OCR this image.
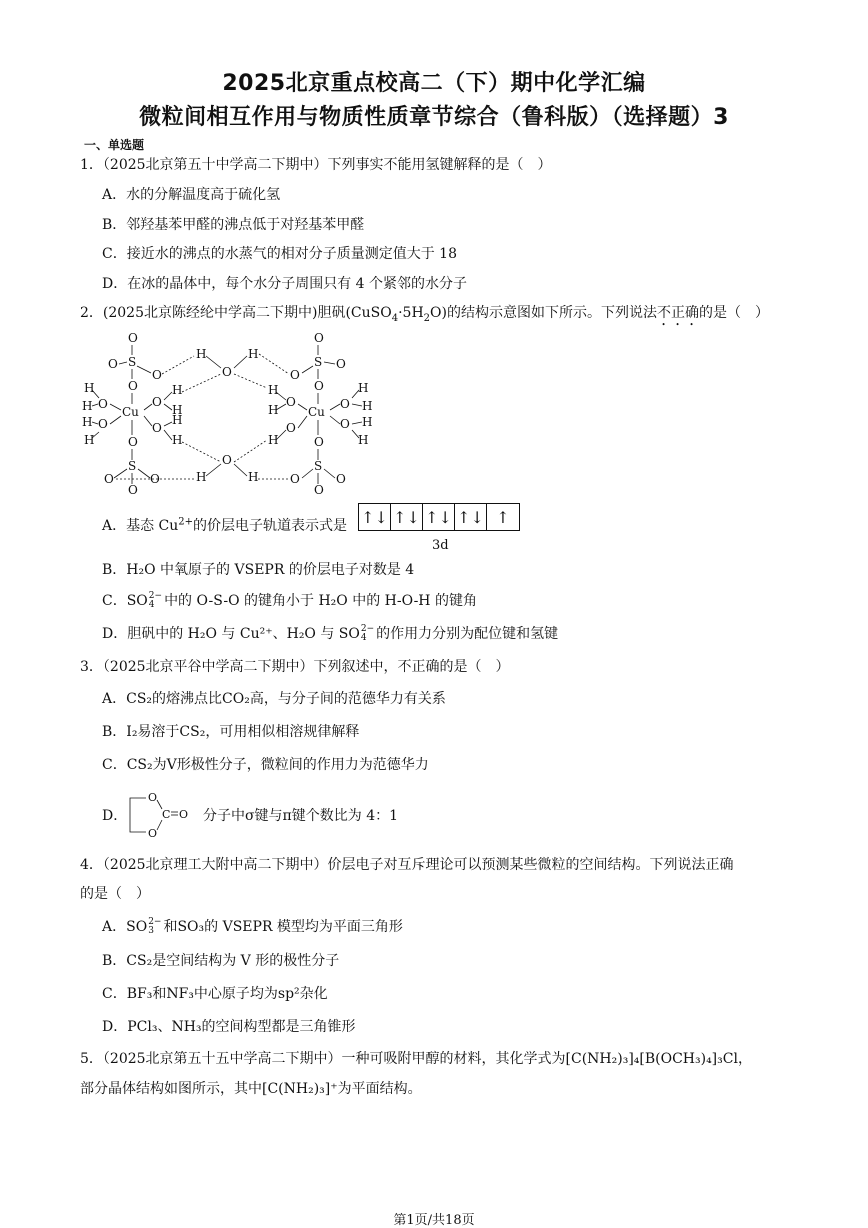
2025北京重点校高二（下）期中化学汇编
微粒间相互作用与物质性质章节综合（鲁科版）（选择题）3
一、单选题
1．（2025北京第五十中学高二下期中）下列事实不能用氢键解释的是（　）
A．水的分解温度高于硫化氢
B．邻羟基苯甲醛的沸点低于对羟基苯甲醛
C．接近水的沸点的水蒸气的相对分子质量测定值大于 18
D．在冰的晶体中，每个水分子周围只有 4 个紧邻的水分子
2．(2025北京陈经纶中学高二下期中)胆矾$(CuSO_4\cdot 5H_2O)$的结构示意图如下所示。下列说法不正确的是（　）
O
S
O
O
O
Cu
H
O
H
H O
H
O
H
H
O
H
H
O
S
O	O
O
H
O
H
H
O
H
O
S
O
O
O
Cu
H
O
H
H
O
H
O H
H
O
H
O
S
O	O
O
A．基态 $Cu^{2+}$的价层电子轨道表示式是 ↑↓ ↑↓ ↑↓ ↑↓ ↑
3d
B．H₂O 中氧原子的 VSEPR 的价层电子对数是 4
C．SO 2−
4 中的 O-S-O 的键角小于 H₂O 中的 H-O-H 的键角
D．胆矾中的 H₂O 与 Cu²⁺、H₂O 与 SO 2−
4 的作用力分别为配位键和氢键
3．（2025北京平谷中学高二下期中）下列叙述中，不正确的是（　）
A．CS₂的熔沸点比CO₂高，与分子间的范德华力有关系
B．I₂易溶于CS₂，可用相似相溶规律解释
C．CS₂为V形极性分子，微粒间的作用力为范德华力
D．
O
C O
O
分子中σ键与π键个数比为 4：1
4．（2025北京理工大附中高二下期中）价层电子对互斥理论可以预测某些微粒的空间结构。下列说法正确
的是（　）
A．SO 2−
3 和SO₃的 VSEPR 模型均为平面三角形
B．CS₂是空间结构为 V 形的极性分子
C．BF₃和NF₃中心原子均为sp²杂化
D．PCl₃、NH₃的空间构型都是三角锥形
5．（2025北京第五十五中学高二下期中）一种可吸附甲醇的材料，其化学式为[C(NH₂)₃]₄[B(OCH₃)₄]₃Cl，
部分晶体结构如图所示，其中[C(NH₂)₃]⁺为平面结构。
第1页/共18页
